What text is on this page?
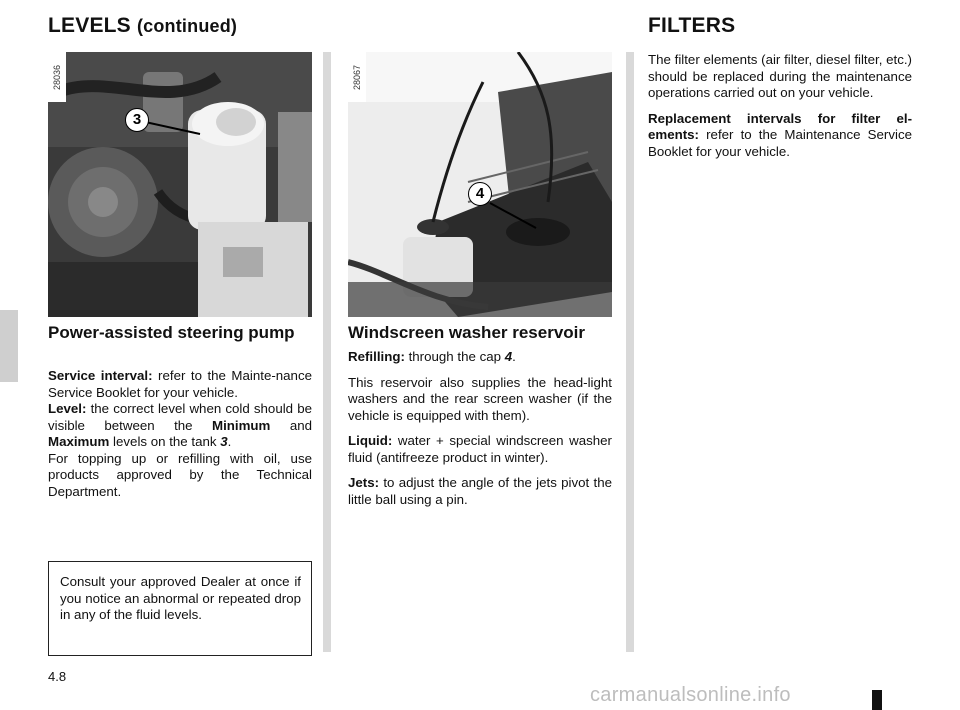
LEVELS (continued)	FILTERS
28036
3
28067
4
Power-assisted steering pump

Service interval: refer to the Mainte-nance Service Booklet for your vehicle.

Level: the correct level when cold should be visible between the Minimum and Maximum levels on the tank 3.

For topping up or refilling with oil, use products approved by the Technical Department.

Consult your approved Dealer at once if you notice an abnormal or repeated drop in any of the fluid levels.
Windscreen washer reservoir

Refilling: through the cap 4.

This reservoir also supplies the head-light washers and the rear screen washer (if the vehicle is equipped with them).

Liquid: water + special windscreen washer fluid (antifreeze product in winter).

Jets: to adjust the angle of the jets pivot the little ball using a pin.

The filter elements (air filter, diesel filter, etc.) should be replaced during the maintenance operations carried out on your vehicle.

Replacement intervals for filter el-ements: refer to the Maintenance Service Booklet for your vehicle.

4.8
carmanualsonline.info
